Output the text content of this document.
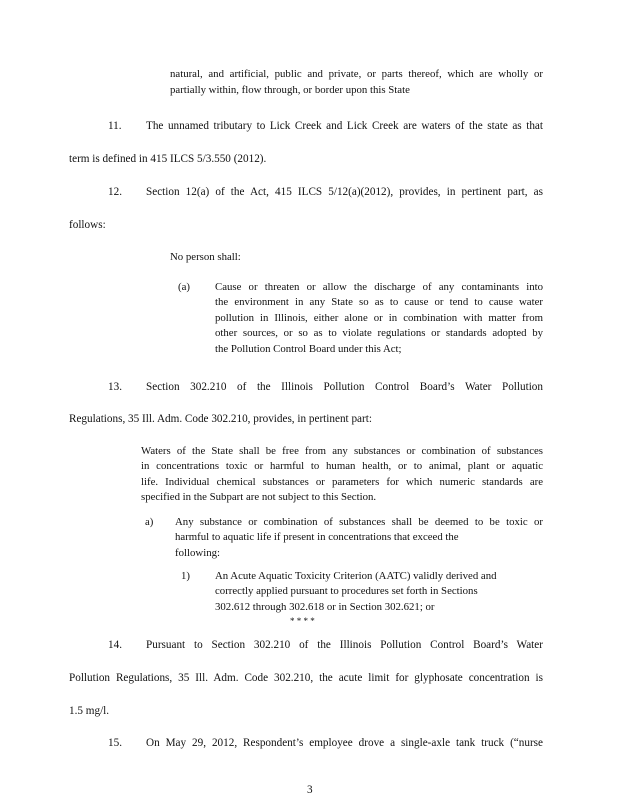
natural, and artificial, public and private, or parts thereof, which are wholly or
partially within, flow through, or border upon this State
11. The unnamed tributary to Lick Creek and Lick Creek are waters of the state as that
term is defined in 415 ILCS 5/3.550 (2012).
12. Section 12(a) of the Act, 415 ILCS 5/12(a)(2012), provides, in pertinent part, as
follows:
No person shall:
(a) Cause or threaten or allow the discharge of any contaminants into
the environment in any State so as to cause or tend to cause water
pollution in Illinois, either alone or in combination with matter from
other sources, or so as to violate regulations or standards adopted by
the Pollution Control Board under this Act;
13. Section 302.210 of the Illinois Pollution Control Board’s Water Pollution
Regulations, 35 Ill. Adm. Code 302.210, provides, in pertinent part:
Waters of the State shall be free from any substances or combination of substances
in concentrations toxic or harmful to human health, or to animal, plant or aquatic
life. Individual chemical substances or parameters for which numeric standards are
specified in the Subpart are not subject to this Section.
a) Any substance or combination of substances shall be deemed to be toxic or
harmful to aquatic life if present in concentrations that exceed the
following:
1) An Acute Aquatic Toxicity Criterion (AATC) validly derived and
correctly applied pursuant to procedures set forth in Sections
302.612 through 302.618 or in Section 302.621; or
* * * *
14. Pursuant to Section 302.210 of the Illinois Pollution Control Board’s Water
Pollution Regulations, 35 Ill. Adm. Code 302.210, the acute limit for glyphosate concentration is
1.5 mg/l.
15. On May 29, 2012, Respondent’s employee drove a single-axle tank truck (“nurse
3
